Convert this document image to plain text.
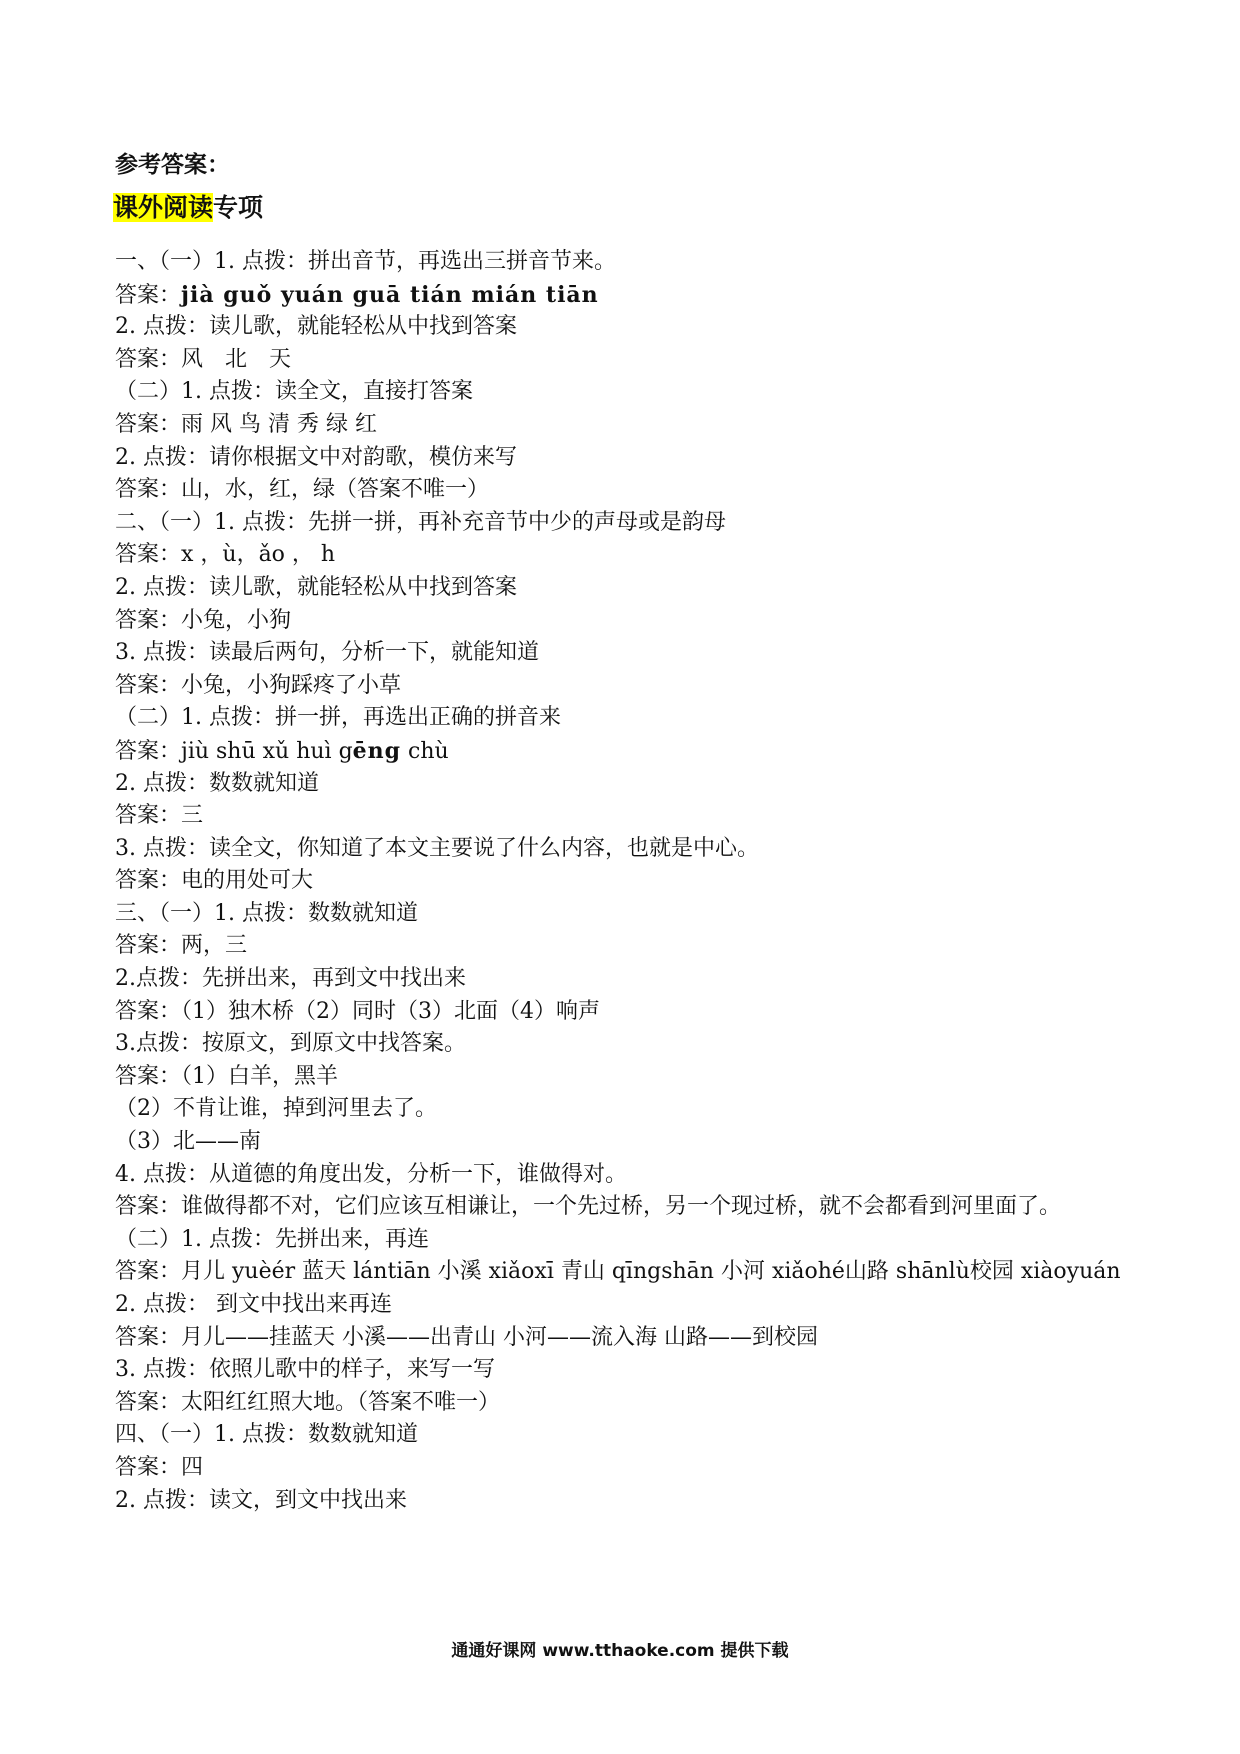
参考答案：
课外阅读专项
一、（一）1. 点拨：拼出音节，再选出三拼音节来。
答案：jià guǒ yuán guā tián mián tiān
2. 点拨：读儿歌，就能轻松从中找到答案
答案：风　北　天
（二）1. 点拨：读全文，直接打答案
答案：雨 风 鸟 清 秀 绿 红
2. 点拨：请你根据文中对韵歌，模仿来写
答案：山，水，红，绿（答案不唯一）
二、（一）1. 点拨：先拼一拼，再补充音节中少的声母或是韵母
答案：x ，ù，ǎo ， h
2. 点拨：读儿歌，就能轻松从中找到答案
答案：小兔，小狗
3. 点拨：读最后两句，分析一下，就能知道
答案：小兔，小狗踩疼了小草
（二）1. 点拨：拼一拼，再选出正确的拼音来
答案：jiù shū xǔ huì gēng chù
2. 点拨：数数就知道
答案：三
3. 点拨：读全文，你知道了本文主要说了什么内容，也就是中心。
答案：电的用处可大
三、（一）1. 点拨：数数就知道
答案：两，三
2.点拨：先拼出来，再到文中找出来
答案：（1）独木桥（2）同时（3）北面（4）响声
3.点拨：按原文，到原文中找答案。
答案：（1）白羊，黑羊
（2）不肯让谁，掉到河里去了。
（3）北——南
4. 点拨：从道德的角度出发，分析一下，谁做得对。
答案：谁做得都不对，它们应该互相谦让，一个先过桥，另一个现过桥，就不会都看到河里面了。
（二）1. 点拨：先拼出来，再连
答案：月儿 yuèér 蓝天 lántiān 小溪 xiǎoxī 青山 qīngshān 小河 xiǎohé山路 shānlù校园 xiàoyuán
2. 点拨： 到文中找出来再连
答案：月儿——挂蓝天 小溪——出青山 小河——流入海 山路——到校园
3. 点拨：依照儿歌中的样子，来写一写
答案：太阳红红照大地。（答案不唯一）
四、（一）1. 点拨：数数就知道
答案：四
2. 点拨：读文，到文中找出来
通通好课网 www.tthaoke.com 提供下载
